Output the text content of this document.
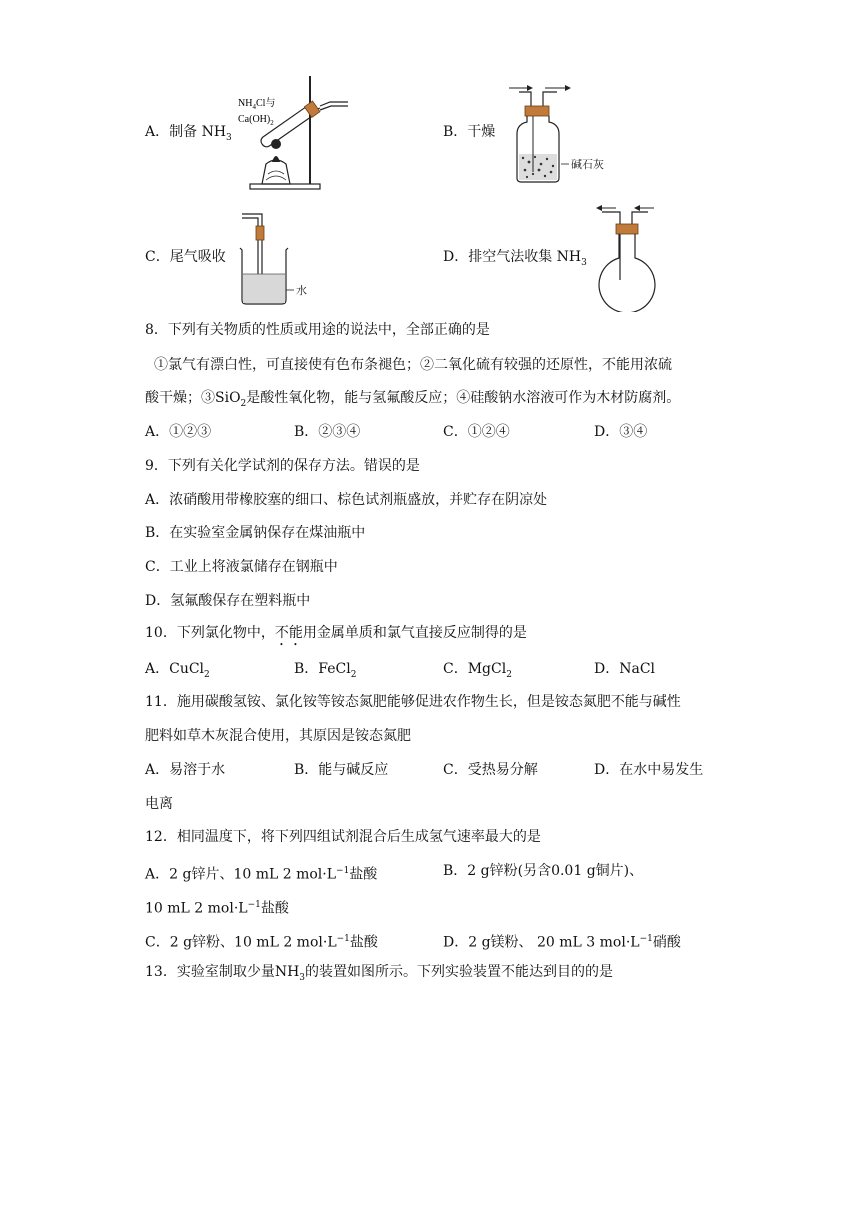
A．制备 $NH_3$
$NH_4Cl$与
$Ca(OH)_2$
B．干燥
碱石灰
C．尾气吸收
水
D．排空气法收集 $NH_3$
8．下列有关物质的性质或用途的说法中，全部正确的是
①氯气有漂白性，可直接使有色布条褪色；②二氧化硫有较强的还原性，不能用浓硫
酸干燥；③SiO$_2$是酸性氧化物，能与氢氟酸反应；④硅酸钠水溶液可作为木材防腐剂。
A．①②③	B．②③④	C．①②④	D．③④
9．下列有关化学试剂的保存方法。错误的是
A．浓硝酸用带橡胶塞的细口、棕色试剂瓶盛放，并贮存在阴凉处
B．在实验室金属钠保存在煤油瓶中
C．工业上将液氯储存在钢瓶中
D．氢氟酸保存在塑料瓶中
10．下列氯化物中，不能用金属单质和氯气直接反应制得的是
A．CuCl$_2$	B．FeCl$_2$	C．MgCl$_2$	D．NaCl
11．施用碳酸氢铵、氯化铵等铵态氮肥能够促进农作物生长，但是铵态氮肥不能与碱性
肥料如草木灰混合使用，其原因是铵态氮肥
A．易溶于水	B．能与碱反应	C．受热易分解	D．在水中易发生
电离
12．相同温度下，将下列四组试剂混合后生成氢气速率最大的是
A．2 g锌片、10 mL 2 $mol\cdot L^{-1}$盐酸	B．2 g锌粉(另含0.01 g铜片)、
10 mL 2 $mol\cdot L^{-1}$盐酸
C．2 g锌粉、10 mL 2 $mol\cdot L^{-1}$盐酸	D．2 g镁粉、 20 mL 3 $mol\cdot L^{-1}$硝酸
13．实验室制取少量$NH_3$的装置如图所示。下列实验装置不能达到目的的是
